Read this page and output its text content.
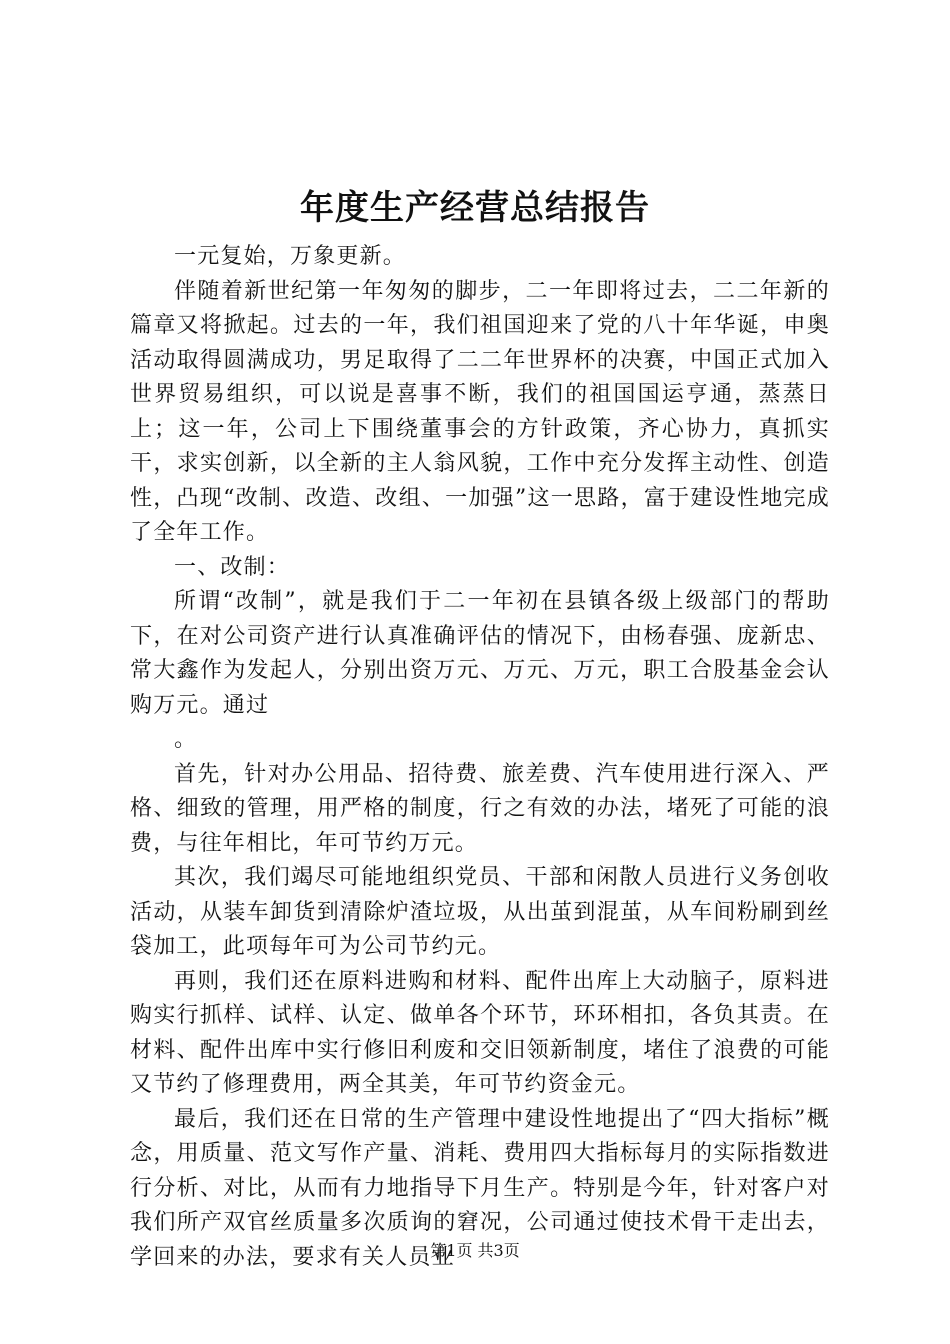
年度生产经营总结报告

一元复始，万象更新。

伴随着新世纪第一年匆匆的脚步，二一年即将过去，二二年新的篇章又将掀起。过去的一年，我们祖国迎来了党的八十年华诞，申奥活动取得圆满成功，男足取得了二二年世界杯的决赛，中国正式加入世界贸易组织，可以说是喜事不断，我们的祖国国运亨通，蒸蒸日上；这一年，公司上下围绕董事会的方针政策，齐心协力，真抓实干，求实创新，以全新的主人翁风貌，工作中充分发挥主动性、创造性，凸现“改制、改造、改组、一加强”这一思路，富于建设性地完成了全年工作。

一、改制：

所谓“改制”，就是我们于二一年初在县镇各级上级部门的帮助下，在对公司资产进行认真准确评估的情况下，由杨春强、庞新忠、常大鑫作为发起人，分别出资万元、万元、万元，职工合股基金会认购万元。通过

。

首先，针对办公用品、招待费、旅差费、汽车使用进行深入、严格、细致的管理，用严格的制度，行之有效的办法，堵死了可能的浪费，与往年相比，年可节约万元。

其次，我们竭尽可能地组织党员、干部和闲散人员进行义务创收活动，从装车卸货到清除炉渣垃圾，从出茧到混茧，从车间粉刷到丝袋加工，此项每年可为公司节约元。

再则，我们还在原料进购和材料、配件出库上大动脑子，原料进购实行抓样、试样、认定、做单各个环节，环环相扣，各负其责。在材料、配件出库中实行修旧利废和交旧领新制度，堵住了浪费的可能又节约了修理费用，两全其美，年可节约资金元。

最后，我们还在日常的生产管理中建设性地提出了“四大指标”概念，用质量、范文写作产量、消耗、费用四大指标每月的实际指数进行分析、对比，从而有力地指导下月生产。特别是今年，针对客户对我们所产双官丝质量多次质询的窘况，公司通过使技术骨干走出去，学回来的办法，要求有关人员业

第1页 共3页
